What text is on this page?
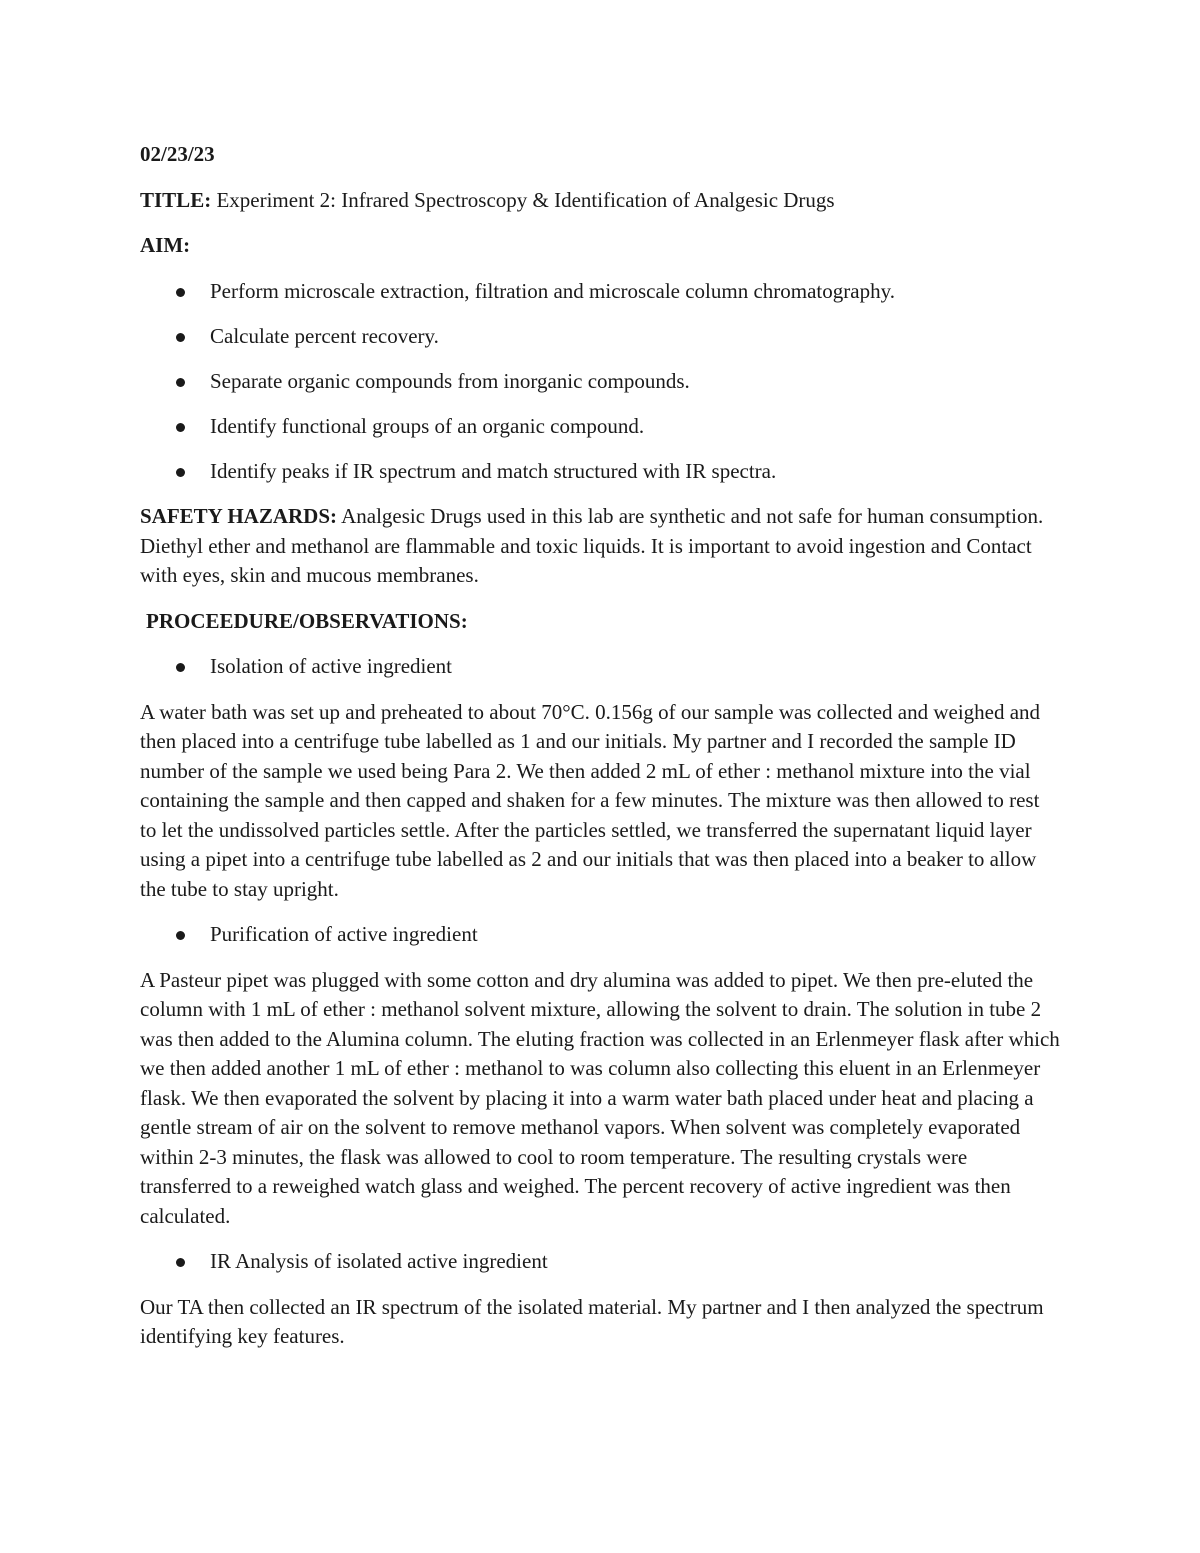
02/23/23

TITLE: Experiment 2: Infrared Spectroscopy & Identification of Analgesic Drugs

AIM:

Perform microscale extraction, filtration and microscale column chromatography.
Calculate percent recovery.
Separate organic compounds from inorganic compounds.
Identify functional groups of an organic compound.
Identify peaks if IR spectrum and match structured with IR spectra.

SAFETY HAZARDS: Analgesic Drugs used in this lab are synthetic and not safe for human consumption. Diethyl ether and methanol are flammable and toxic liquids. It is important to avoid ingestion and Contact with eyes, skin and mucous membranes.

PROCEEDURE/OBSERVATIONS:

Isolation of active ingredient

A water bath was set up and preheated to about 70°C. 0.156g of our sample was collected and weighed and then placed into a centrifuge tube labelled as 1 and our initials. My partner and I recorded the sample ID number of the sample we used being Para 2. We then added 2 mL of ether : methanol mixture into the vial containing the sample and then capped and shaken for a few minutes. The mixture was then allowed to rest to let the undissolved particles settle. After the particles settled, we transferred the supernatant liquid layer using a pipet into a centrifuge tube labelled as 2 and our initials that was then placed into a beaker to allow the tube to stay upright.

Purification of active ingredient

A Pasteur pipet was plugged with some cotton and dry alumina was added to pipet. We then pre-eluted the column with 1 mL of ether : methanol solvent mixture, allowing the solvent to drain. The solution in tube 2 was then added to the Alumina column. The eluting fraction was collected in an Erlenmeyer flask after which we then added another 1 mL of ether : methanol to was column also collecting this eluent in an Erlenmeyer flask. We then evaporated the solvent by placing it into a warm water bath placed under heat and placing a gentle stream of air on the solvent to remove methanol vapors. When solvent was completely evaporated within 2-3 minutes, the flask was allowed to cool to room temperature. The resulting crystals were transferred to a reweighed watch glass and weighed. The percent recovery of active ingredient was then calculated.

IR Analysis of isolated active ingredient

Our TA then collected an IR spectrum of the isolated material. My partner and I then analyzed the spectrum identifying key features.
